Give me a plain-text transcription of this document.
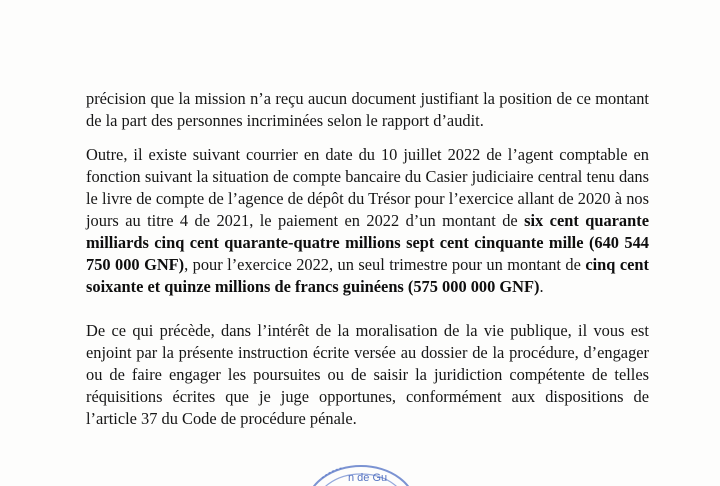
précision que la mission n’a reçu aucun document justifiant la position de ce montant de la part des personnes incriminées selon le rapport d’audit.

Outre, il existe suivant courrier en date du 10 juillet 2022 de l’agent comptable en fonction suivant la situation de compte bancaire du Casier judiciaire central tenu dans le livre de compte de l’agence de dépôt du Trésor pour l’exercice allant de 2020 à nos jours au titre 4 de 2021, le paiement en 2022 d’un montant de six cent quarante milliards cinq cent quarante-quatre millions sept cent cinquante mille (640 544 750 000 GNF), pour l’exercice 2022, un seul trimestre pour un montant de cinq cent soixante et quinze millions de francs guinéens (575 000 000 GNF).

De ce qui précède, dans l’intérêt de la moralisation de la vie publique, il vous est enjoint par la présente instruction écrite versée au dossier de la procédure, d’engager ou de faire engager les poursuites ou de saisir la juridiction compétente de telles réquisitions écrites que je juge opportunes, conformément aux dispositions de l’article 37 du Code de procédure pénale.

n de Gu
